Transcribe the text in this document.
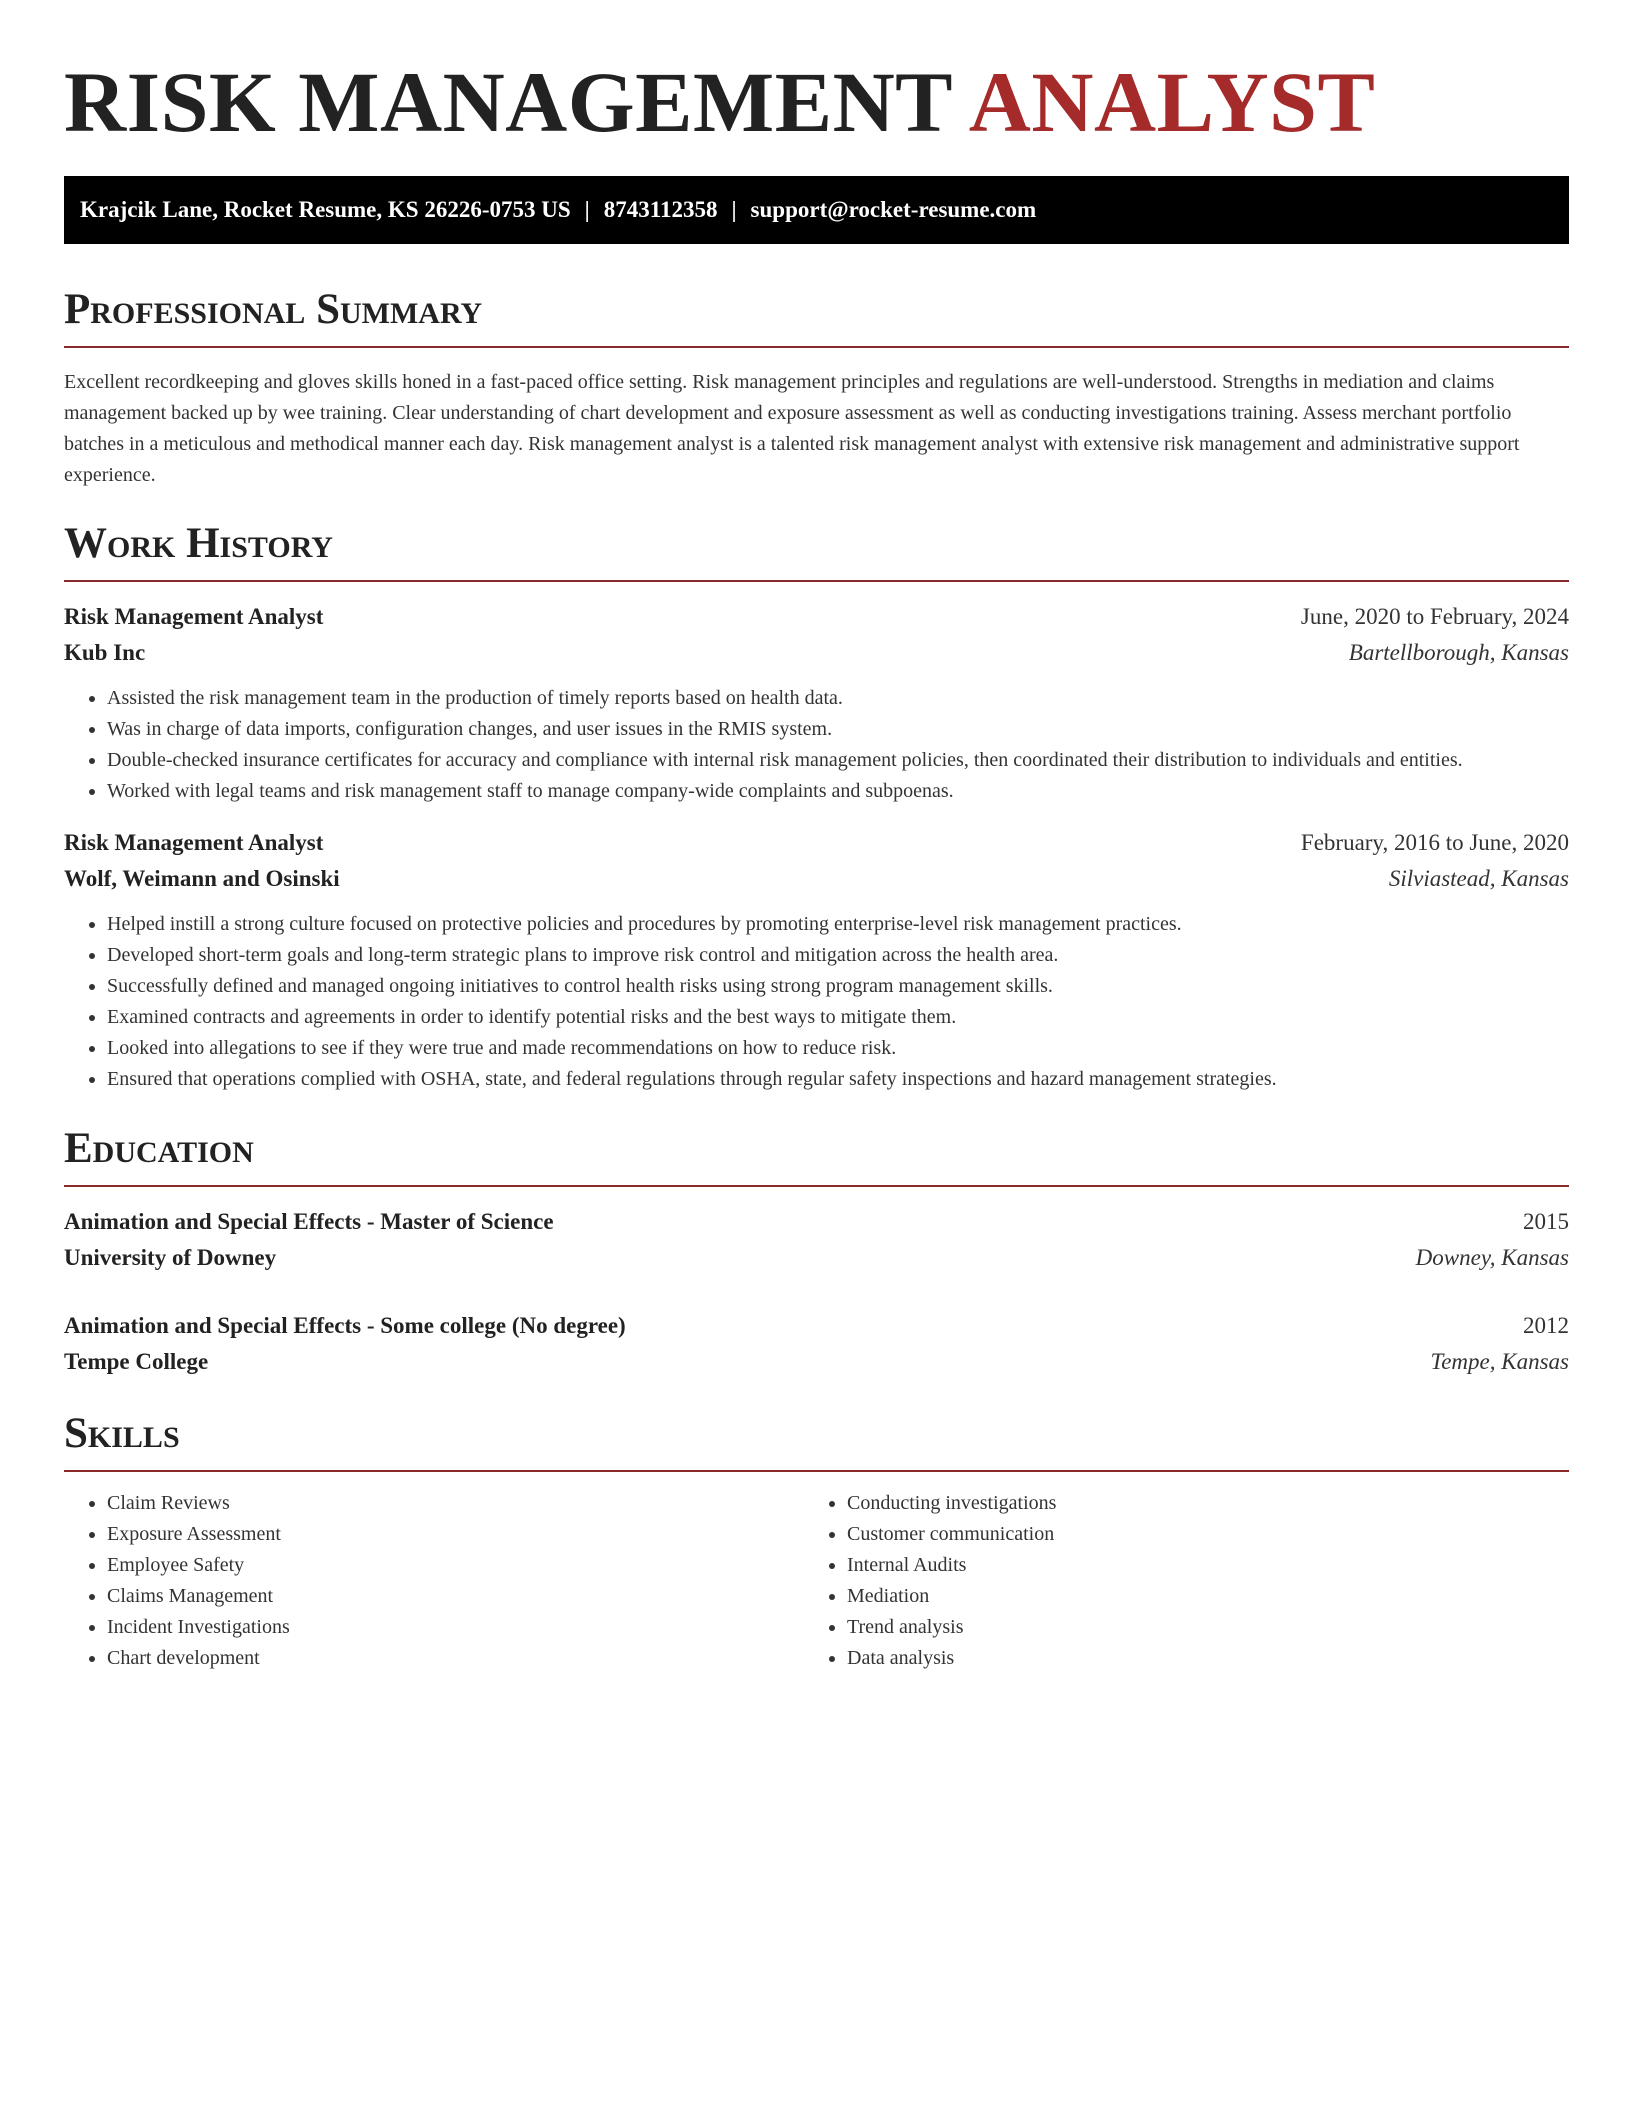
RISK MANAGEMENT ANALYST
Krajcik Lane, Rocket Resume, KS 26226-0753 US | 8743112358 | support@rocket-resume.com
Professional Summary

Excellent recordkeeping and gloves skills honed in a fast-paced office setting. Risk management principles and regulations are well-understood. Strengths in mediation and claims management backed up by wee training. Clear understanding of chart development and exposure assessment as well as conducting investigations training. Assess merchant portfolio batches in a meticulous and methodical manner each day. Risk management analyst is a talented risk management analyst with extensive risk management and administrative support experience.

Work History
Risk Management Analyst	June, 2020 to February, 2024
Kub Inc	Bartellborough, Kansas
• Assisted the risk management team in the production of timely reports based on health data.
• Was in charge of data imports, configuration changes, and user issues in the RMIS system.
• Double-checked insurance certificates for accuracy and compliance with internal risk management policies, then coordinated their distribution to individuals and entities.
• Worked with legal teams and risk management staff to manage company-wide complaints and subpoenas.
Risk Management Analyst	February, 2016 to June, 2020
Wolf, Weimann and Osinski	Silviastead, Kansas
• Helped instill a strong culture focused on protective policies and procedures by promoting enterprise-level risk management practices.
• Developed short-term goals and long-term strategic plans to improve risk control and mitigation across the health area.
• Successfully defined and managed ongoing initiatives to control health risks using strong program management skills.
• Examined contracts and agreements in order to identify potential risks and the best ways to mitigate them.
• Looked into allegations to see if they were true and made recommendations on how to reduce risk.
• Ensured that operations complied with OSHA, state, and federal regulations through regular safety inspections and hazard management strategies.
Education
Animation and Special Effects - Master of Science	2015
University of Downey	Downey, Kansas
Animation and Special Effects - Some college (No degree)	2012
Tempe College	Tempe, Kansas
Skills
• Claim Reviews
• Exposure Assessment
• Employee Safety
• Claims Management
• Incident Investigations
• Chart development
• Conducting investigations
• Customer communication
• Internal Audits
• Mediation
• Trend analysis
• Data analysis
